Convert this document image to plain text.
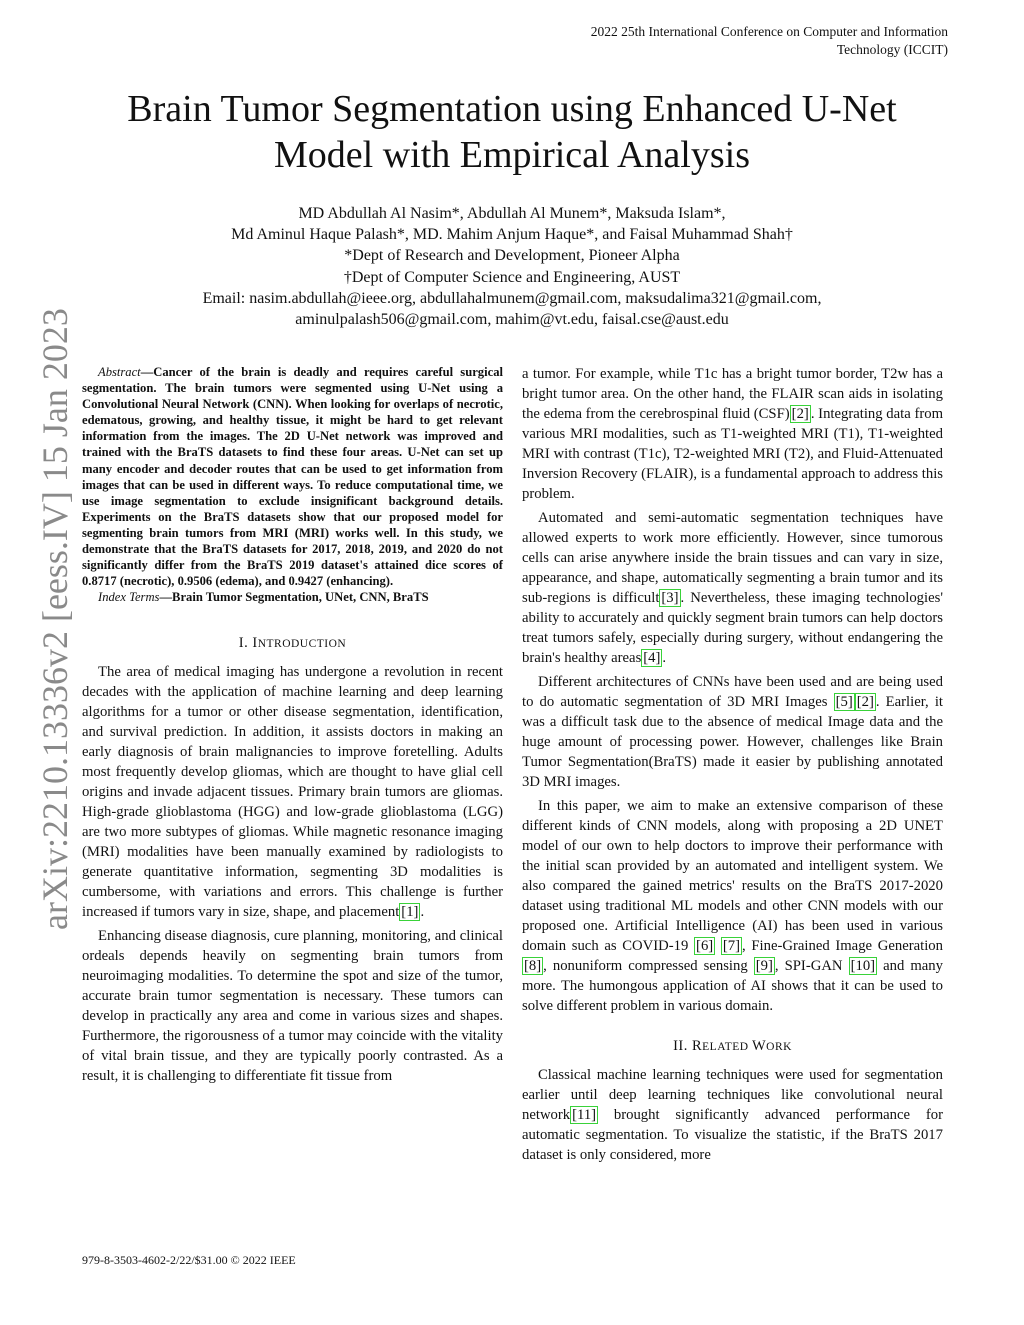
2022 25th International Conference on Computer and Information
Technology (ICCIT)
Brain Tumor Segmentation using Enhanced U-Net
Model with Empirical Analysis
MD Abdullah Al Nasim*, Abdullah Al Munem*, Maksuda Islam*,
Md Aminul Haque Palash*, MD. Mahim Anjum Haque*, and Faisal Muhammad Shah†
*Dept of Research and Development, Pioneer Alpha
†Dept of Computer Science and Engineering, AUST
Email: nasim.abdullah@ieee.org, abdullahalmunem@gmail.com, maksudalima321@gmail.com,
aminulpalash506@gmail.com, mahim@vt.edu, faisal.cse@aust.edu
arXiv:2210.13336v2 [eess.IV] 15 Jan 2023	Abstract—Cancer of the brain is deadly and requires careful surgical segmentation. The brain tumors were segmented using U-Net using a Convolutional Neural Network (CNN). When looking for overlaps of necrotic, edematous, growing, and healthy tissue, it might be hard to get relevant information from the images. The 2D U-Net network was improved and trained with the BraTS datasets to find these four areas. U-Net can set up many encoder and decoder routes that can be used to get information from images that can be used in different ways. To reduce computational time, we use image segmentation to exclude insignificant background details. Experiments on the BraTS datasets show that our proposed model for segmenting brain tumors from MRI (MRI) works well. In this study, we demonstrate that the BraTS datasets for 2017, 2018, 2019, and 2020 do not significantly differ from the BraTS 2019 dataset's attained dice scores of 0.8717 (necrotic), 0.9506 (edema), and 0.9427 (enhancing).

Index Terms—Brain Tumor Segmentation, UNet, CNN, BraTS

I. INTRODUCTION

The area of medical imaging has undergone a revolution in recent decades with the application of machine learning and deep learning algorithms for a tumor or other disease segmentation, identification, and survival prediction. In addition, it assists doctors in making an early diagnosis of brain malignancies to improve foretelling. Adults most frequently develop gliomas, which are thought to have glial cell origins and invade adjacent tissues. Primary brain tumors are gliomas. High-grade glioblastoma (HGG) and low-grade glioblastoma (LGG) are two more subtypes of gliomas. While magnetic resonance imaging (MRI) modalities have been manually examined by radiologists to generate quantitative information, segmenting 3D modalities is cumbersome, with variations and errors. This challenge is further increased if tumors vary in size, shape, and placement [1] .

Enhancing disease diagnosis, cure planning, monitoring, and clinical ordeals depends heavily on segmenting brain tumors from neuroimaging modalities. To determine the spot and size of the tumor, accurate brain tumor segmentation is necessary. These tumors can develop in practically any area and come in various sizes and shapes. Furthermore, the rigorousness of a tumor may coincide with the vitality of vital brain tissue, and they are typically poorly contrasted. As a result, it is challenging to differentiate fit tissue from

a tumor. For example, while T1c has a bright tumor border, T2w has a bright tumor area. On the other hand, the FLAIR scan aids in isolating the edema from the cerebrospinal fluid (CSF) [2] . Integrating data from various MRI modalities, such as T1-weighted MRI (T1), T1-weighted MRI with contrast (T1c), T2-weighted MRI (T2), and Fluid-Attenuated Inversion Recovery (FLAIR), is a fundamental approach to address this problem.

Automated and semi-automatic segmentation techniques have allowed experts to work more efficiently. However, since tumorous cells can arise anywhere inside the brain tissues and can vary in size, appearance, and shape, automatically segmenting a brain tumor and its sub-regions is difficult [3] . Nevertheless, these imaging technologies' ability to accurately and quickly segment brain tumors can help doctors treat tumors safely, especially during surgery, without endangering the brain's healthy areas [4] .

Different architectures of CNNs have been used and are being used to do automatic segmentation of 3D MRI Images [5] [2] . Earlier, it was a difficult task due to the absence of medical Image data and the huge amount of processing power. However, challenges like Brain Tumor Segmentation(BraTS) made it easier by publishing annotated 3D MRI images.

In this paper, we aim to make an extensive comparison of these different kinds of CNN models, along with proposing a 2D UNET model of our own to help doctors to improve their performance with the initial scan provided by an automated and intelligent system. We also compared the gained metrics' results on the BraTS 2017-2020 dataset using traditional ML models and other CNN models with our proposed one. Artificial Intelligence (AI) has been used in various domain such as COVID-19 [6] [7] , Fine-Grained Image Generation [8] , nonuniform compressed sensing [9] , SPI-GAN [10] and many more. The humongous application of AI shows that it can be used to solve different problem in various domain.

II. RELATED WORK

Classical machine learning techniques were used for segmentation earlier until deep learning techniques like convolutional neural network [11] brought significantly advanced performance for automatic segmentation. To visualize the statistic, if the BraTS 2017 dataset is only considered, more

979-8-3503-4602-2/22/$31.00 © 2022 IEEE
